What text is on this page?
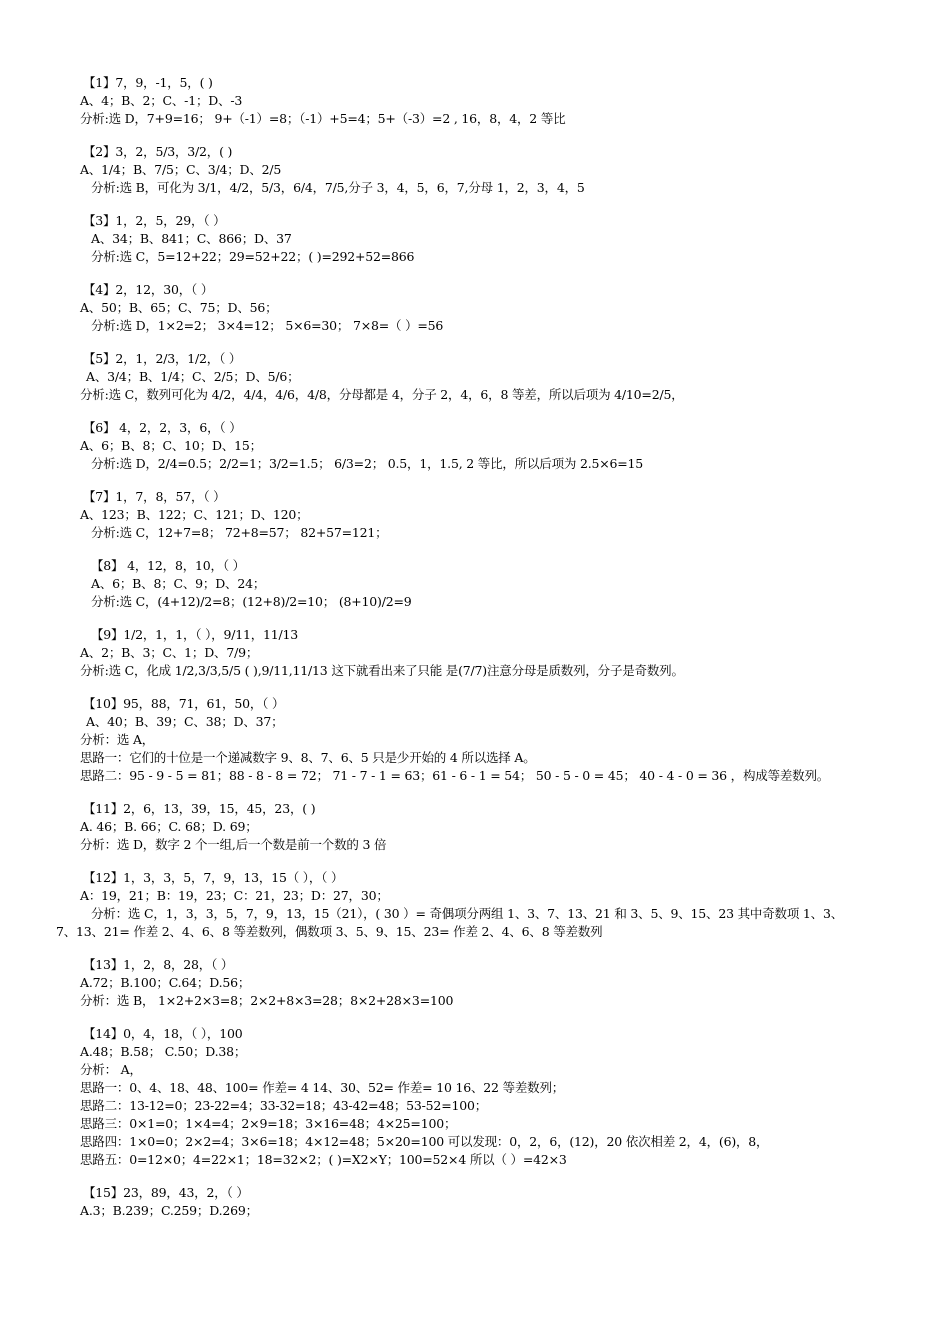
【1】7，9，-1，5，( )
A、4；B、2；C、-1；D、-3
分析:选 D，7+9=16； 9+（-1）=8；（-1）+5=4；5+（-3）=2 , 16，8，4，2 等比
【2】3，2，5/3，3/2，( )
A、1/4；B、7/5；C、3/4；D、2/5
分析:选 B，可化为 3/1，4/2，5/3，6/4，7/5,分子 3，4，5，6，7,分母 1，2，3，4，5
【3】1，2，5，29，（ ）
A、34；B、841；C、866；D、37
分析:选 C，5=12+22；29=52+22；( )=292+52=866
【4】2，12，30，（ ）
A、50；B、65；C、75；D、56；
分析:选 D，1×2=2； 3×4=12； 5×6=30； 7×8=（ ）=56
【5】2，1，2/3，1/2，（ ）
A、3/4；B、1/4；C、2/5；D、5/6；
分析:选 C，数列可化为 4/2，4/4，4/6，4/8，分母都是 4，分子 2，4，6，8 等差，所以后项为 4/10=2/5，
【6】 4，2，2，3，6，（ ）
A、6；B、8；C、10；D、15；
分析:选 D，2/4=0.5；2/2=1；3/2=1.5； 6/3=2； 0.5，1，1.5, 2 等比，所以后项为 2.5×6=15
【7】1，7，8，57，（ ）
A、123；B、122；C、121；D、120；
分析:选 C，12+7=8； 72+8=57； 82+57=121；
【8】 4，12，8，10，（ ）
A、6；B、8；C、9；D、24；
分析:选 C，(4+12)/2=8；(12+8)/2=10； (8+10)/2=9
【9】1/2，1，1，（ ），9/11，11/13
A、2；B、3；C、1；D、7/9；
分析:选 C，化成 1/2,3/3,5/5 ( ),9/11,11/13 这下就看出来了只能 是(7/7)注意分母是质数列，分子是奇数列。
【10】95，88，71，61，50，（ ）
A、40；B、39；C、38；D、37；
分析：选 A，
思路一：它们的十位是一个递减数字 9、8、7、6、5 只是少开始的 4 所以选择 A。
思路二：95 - 9 - 5 = 81；88 - 8 - 8 = 72； 71 - 7 - 1 = 63；61 - 6 - 1 = 54； 50 - 5 - 0 = 45； 40 - 4 - 0 = 36 ，构成等差数列。
【11】2，6，13，39，15，45，23，( )
A. 46；B. 66；C. 68；D. 69；
分析：选 D，数字 2 个一组,后一个数是前一个数的 3 倍
【12】1，3，3，5，7，9，13，15（ ），（ ）
A：19，21；B：19，23；C：21，23；D：27，30；
分析：选 C，1，3，3，5，7，9，13，15（21），( 30 ）= 奇偶项分两组 1、3、7、13、21 和 3、5、9、15、23 其中奇数项 1、3、
7、13、21= 作差 2、4、6、8 等差数列，偶数项 3、5、9、15、23= 作差 2、4、6、8 等差数列
【13】1，2，8，28，（ ）
A.72；B.100；C.64；D.56；
分析：选 B， 1×2+2×3=8；2×2+8×3=28；8×2+28×3=100
【14】0，4，18，（ ），100
A.48；B.58； C.50；D.38；
分析： A，
思路一：0、4、18、48、100= 作差= 4 14、30、52= 作差= 10 16、22 等差数列；
思路二：13-12=0；23-22=4；33-32=18；43-42=48；53-52=100；
思路三：0×1=0；1×4=4；2×9=18；3×16=48；4×25=100；
思路四：1×0=0；2×2=4；3×6=18；4×12=48；5×20=100 可以发现：0，2，6，(12)，20 依次相差 2，4，(6)，8，
思路五：0=12×0；4=22×1；18=32×2；( )=X2×Y；100=52×4 所以（ ）=42×3
【15】23，89，43，2，（ ）
A.3；B.239；C.259；D.269；
